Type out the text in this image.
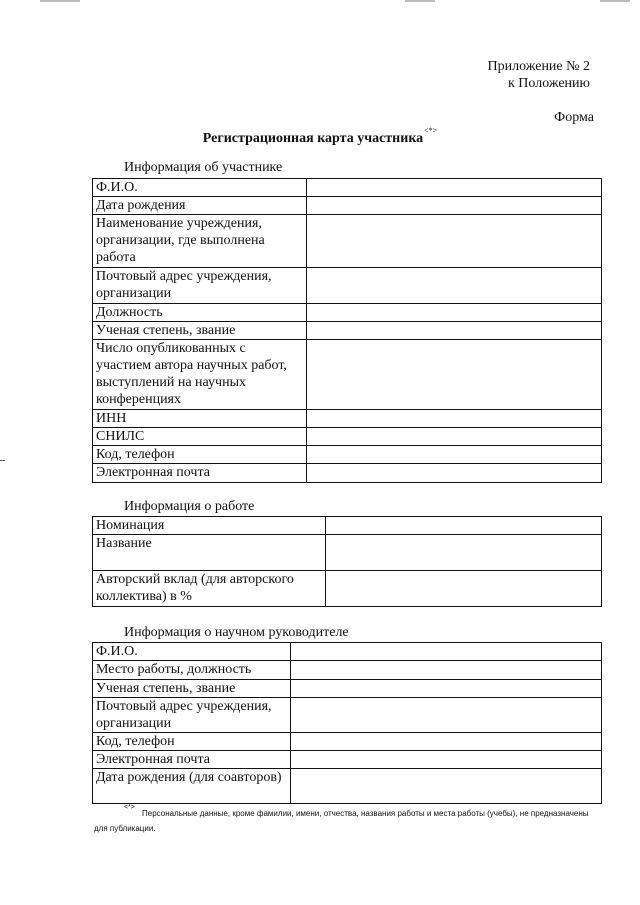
Приложение № 2
к Положению
Форма
Регистрационная карта участника<*>
Информация об участнике
Ф.И.О.	
Дата рождения	
Наименование учреждения, организации, где выполнена работа	
Почтовый адрес учреждения, организации	
Должность	
Ученая степень, звание	
Число опубликованных с участием автора научных работ, выступлений на научных конференциях	
ИНН	
СНИЛС	
Код, телефон	
Электронная почта	
Информация о работе
Номинация	
Название	
Авторский вклад (для авторского коллектива) в %	
Информация о научном руководителе
Ф.И.О.	
Место работы, должность	
Ученая степень, звание	
Почтовый адрес учреждения, организации	
Код, телефон	
Электронная почта	
Дата рождения (для соавторов)	
<*>
Персональные данные, кроме фамилии, имени, отчества, названия работы и места работы (учебы), не предназначены для публикации.
